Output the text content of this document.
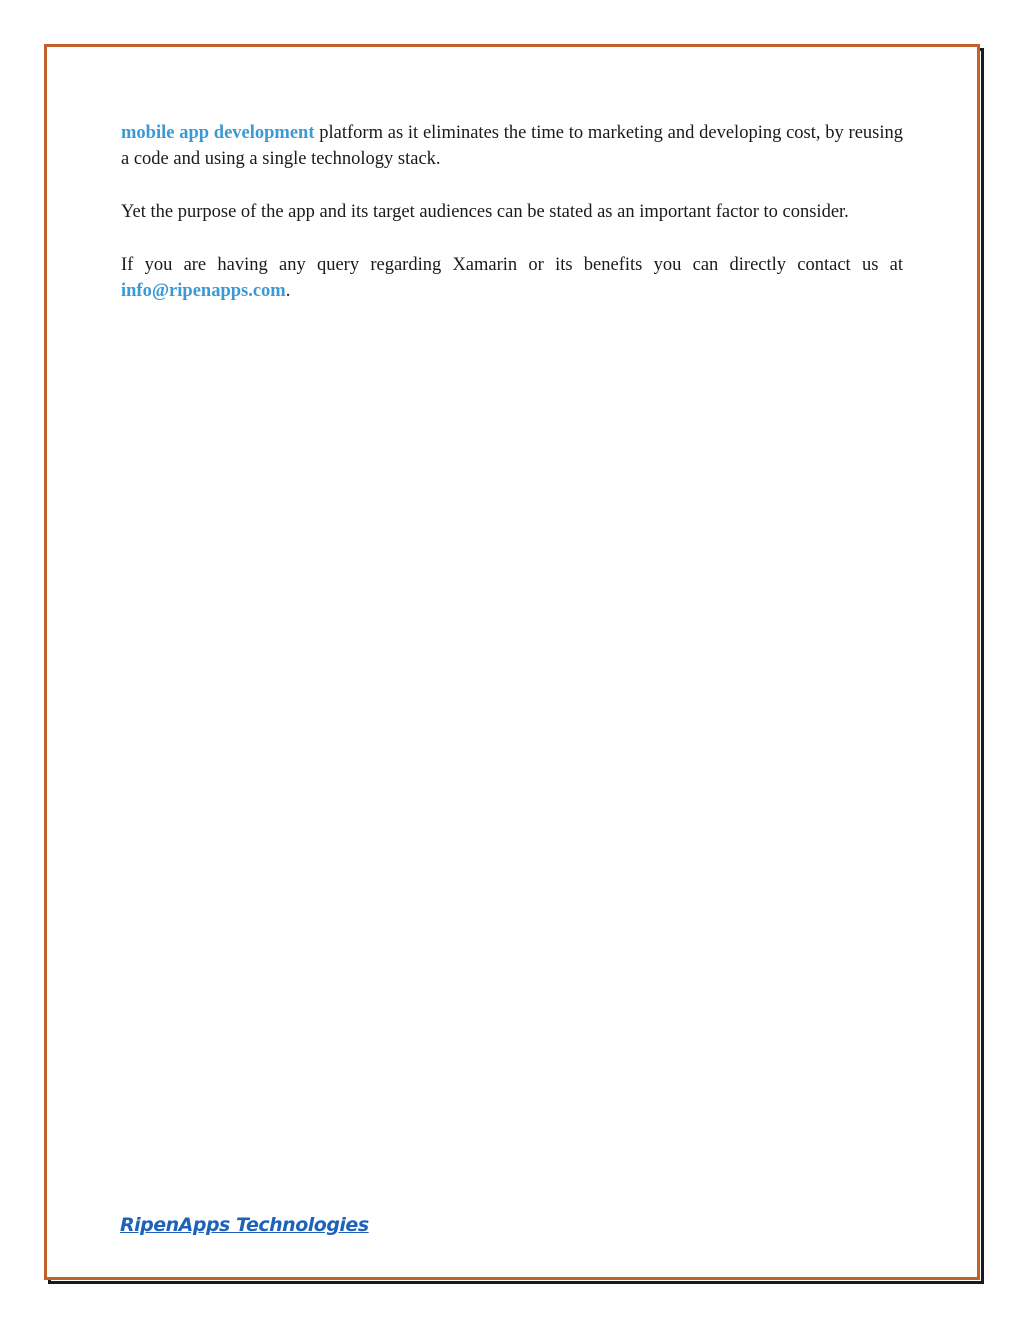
mobile app development platform as it eliminates the time to marketing and developing cost, by reusing a code and using a single technology stack.

Yet the purpose of the app and its target audiences can be stated as an important factor to consider.

If you are having any query regarding Xamarin or its benefits you can directly contact us at info@ripenapps.com.

RipenApps Technologies
